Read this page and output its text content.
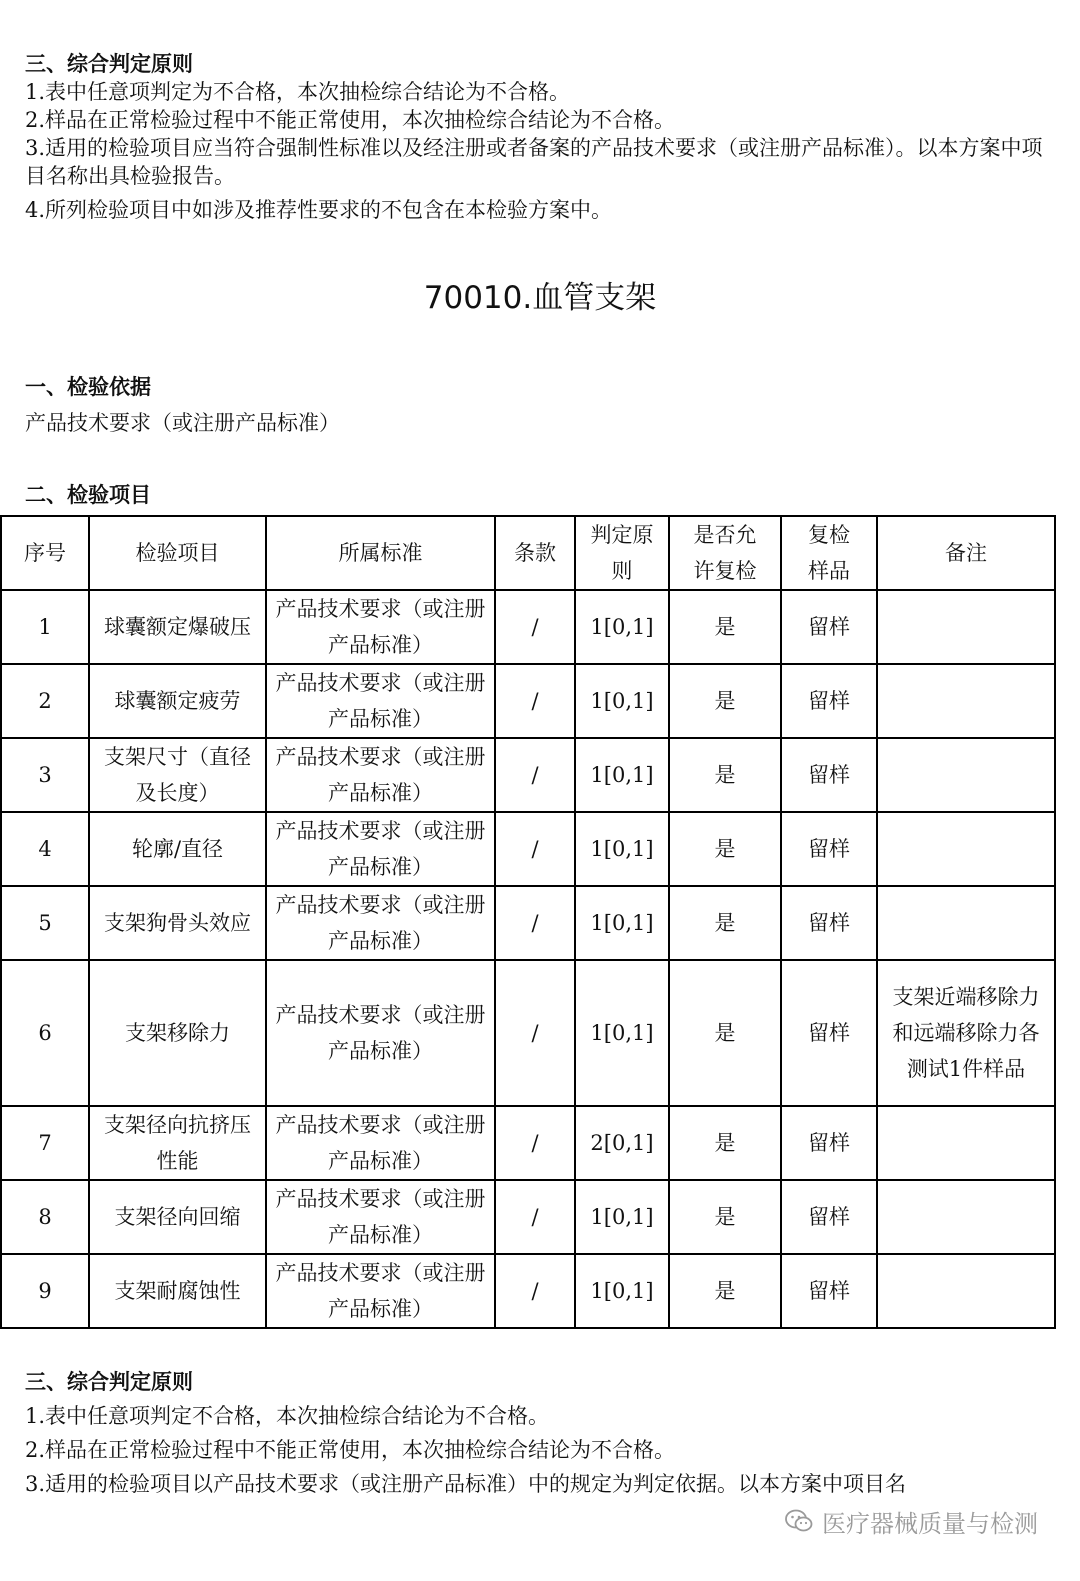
三、综合判定原则
1.表中任意项判定为不合格，本次抽检综合结论为不合格。
2.样品在正常检验过程中不能正常使用，本次抽检综合结论为不合格。
3.适用的检验项目应当符合强制性标准以及经注册或者备案的产品技术要求（或注册产品标准）。以本方案中项目名称出具检验报告。
4.所列检验项目中如涉及推荐性要求的不包含在本检验方案中。
70010.血管支架
一、检验依据
产品技术要求（或注册产品标准）
二、检验项目
序号	检验项目	所属标准	条款	判定原则	是否允许复检	复检样品	备注
1	球囊额定爆破压	产品技术要求（或注册产品标准）	/	1[0,1]	是	留样	
2	球囊额定疲劳	产品技术要求（或注册产品标准）	/	1[0,1]	是	留样	
3	支架尺寸（直径及长度）	产品技术要求（或注册产品标准）	/	1[0,1]	是	留样	
4	轮廓/直径	产品技术要求（或注册产品标准）	/	1[0,1]	是	留样	
5	支架狗骨头效应	产品技术要求（或注册产品标准）	/	1[0,1]	是	留样	
6	支架移除力	产品技术要求（或注册产品标准）	/	1[0,1]	是	留样	支架近端移除力和远端移除力各测试1件样品
7	支架径向抗挤压性能	产品技术要求（或注册产品标准）	/	2[0,1]	是	留样	
8	支架径向回缩	产品技术要求（或注册产品标准）	/	1[0,1]	是	留样	
9	支架耐腐蚀性	产品技术要求（或注册产品标准）	/	1[0,1]	是	留样	
三、综合判定原则
1.表中任意项判定不合格，本次抽检综合结论为不合格。
2.样品在正常检验过程中不能正常使用，本次抽检综合结论为不合格。
3.适用的检验项目以产品技术要求（或注册产品标准）中的规定为判定依据。以本方案中项目名
医疗器械质量与检测
